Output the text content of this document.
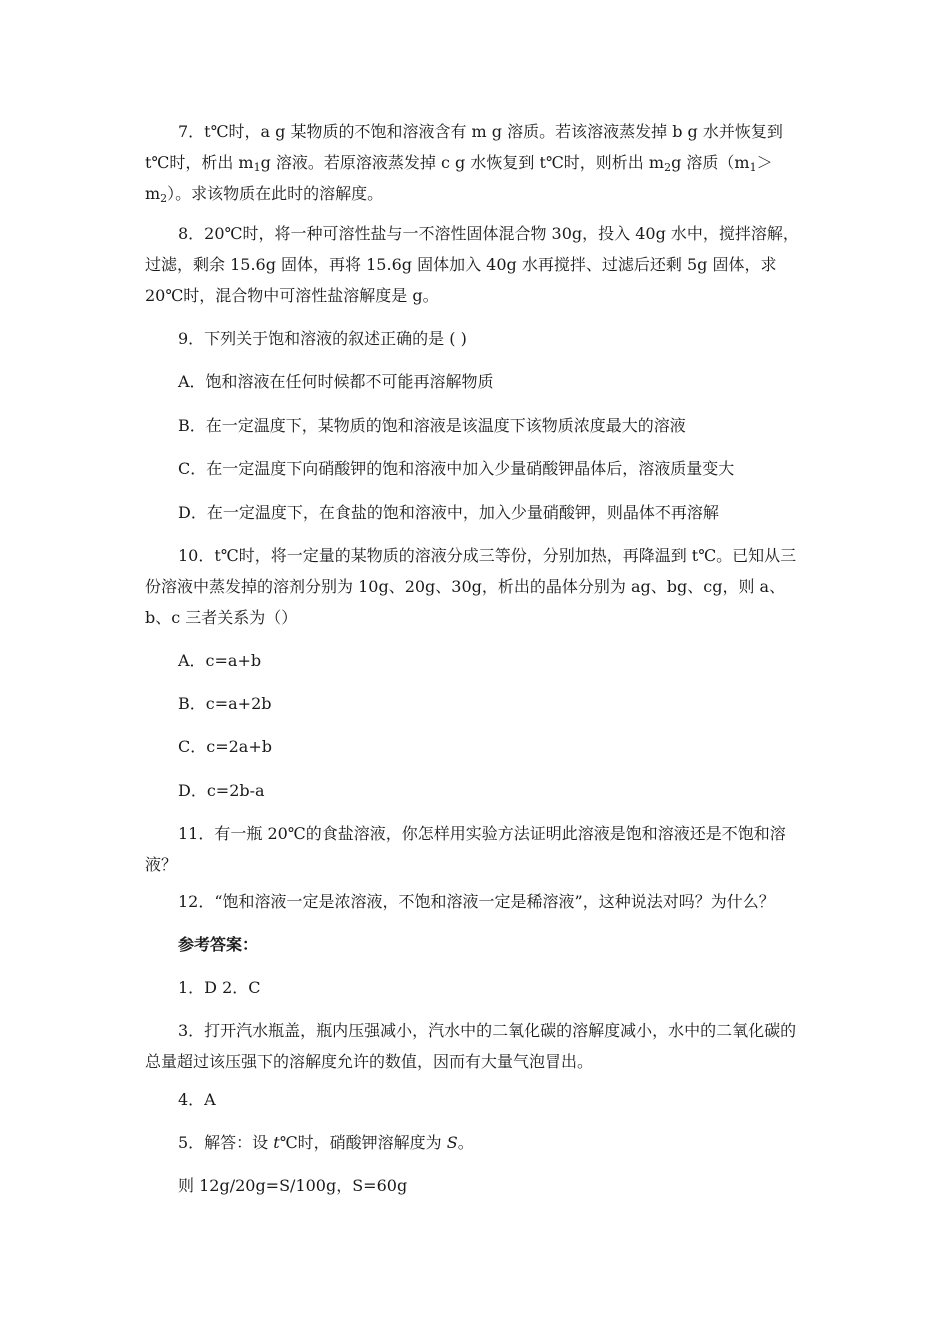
7．t℃时，a g 某物质的不饱和溶液含有 m g 溶质。若该溶液蒸发掉 b g 水并恢复到 t℃时，析出 $m_1g$ 溶液。若原溶液蒸发掉 c g 水恢复到 t℃时，则析出 $m_2g$ 溶质$(m_1>m_2)$。求该物质在此时的溶解度。

8．20℃时，将一种可溶性盐与一不溶性固体混合物 30g，投入 40g 水中，搅拌溶解，过滤，剩余 15.6g 固体，再将 15.6g 固体加入 40g 水再搅拌、过滤后还剩 5g 固体，求 20℃时，混合物中可溶性盐溶解度是 g。

9．下列关于饱和溶液的叙述正确的是 ( )

A．饱和溶液在任何时候都不可能再溶解物质

B．在一定温度下，某物质的饱和溶液是该温度下该物质浓度最大的溶液

C．在一定温度下向硝酸钾的饱和溶液中加入少量硝酸钾晶体后，溶液质量变大

D．在一定温度下，在食盐的饱和溶液中，加入少量硝酸钾，则晶体不再溶解

10．t℃时，将一定量的某物质的溶液分成三等份，分别加热，再降温到 t℃。已知从三份溶液中蒸发掉的溶剂分别为 10g、20g、30g，析出的晶体分别为 ag、bg、cg，则 a、b、c 三者关系为（）

A．c=a+b

B．c=a+2b

C．c=2a+b

D．c=2b-a

11．有一瓶 20℃的食盐溶液，你怎样用实验方法证明此溶液是饱和溶液还是不饱和溶液？

12．“饱和溶液一定是浓溶液，不饱和溶液一定是稀溶液”，这种说法对吗？为什么？

参考答案：

1．D 2．C

3．打开汽水瓶盖，瓶内压强减小，汽水中的二氧化碳的溶解度减小，水中的二氧化碳的总量超过该压强下的溶解度允许的数值，因而有大量气泡冒出。

4．A

5．解答：设 t℃时，硝酸钾溶解度为 S。

则 12g/20g=S/100g，S=60g
